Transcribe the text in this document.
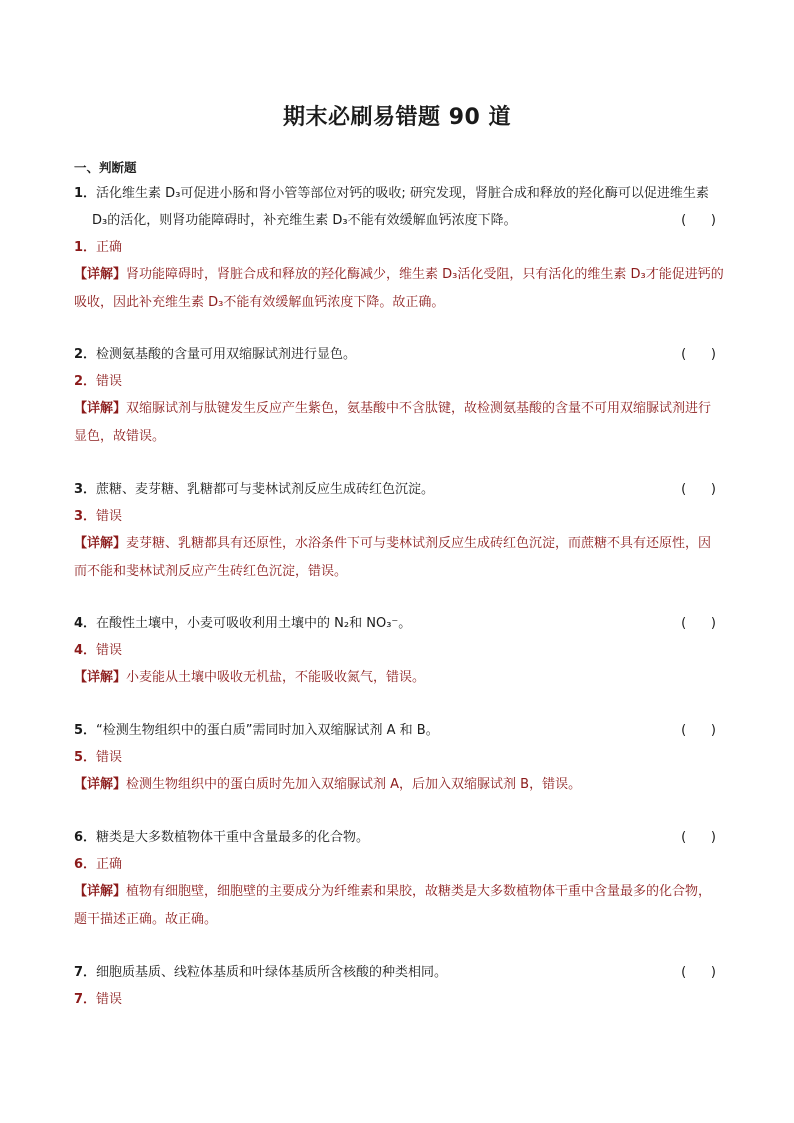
期末必刷易错题 90 道
一、判断题
1．活化维生素 D₃可促进小肠和肾小管等部位对钙的吸收; 研究发现，肾脏合成和释放的羟化酶可以促进维生素 D₃的活化，则肾功能障碍时，补充维生素 D₃不能有效缓解血钙浓度下降。	(      )
1．正确
【详解】肾功能障碍时，肾脏合成和释放的羟化酶减少，维生素 D₃活化受阻，只有活化的维生素 D₃才能促进钙的吸收，因此补充维生素 D₃不能有效缓解血钙浓度下降。故正确。
2．检测氨基酸的含量可用双缩脲试剂进行显色。	(      )
2．错误
【详解】双缩脲试剂与肽键发生反应产生紫色，氨基酸中不含肽键，故检测氨基酸的含量不可用双缩脲试剂进行显色，故错误。
3．蔗糖、麦芽糖、乳糖都可与斐林试剂反应生成砖红色沉淀。	(      )
3．错误
【详解】麦芽糖、乳糖都具有还原性，水浴条件下可与斐林试剂反应生成砖红色沉淀，而蔗糖不具有还原性，因而不能和斐林试剂反应产生砖红色沉淀，错误。
4．在酸性土壤中，小麦可吸收利用土壤中的 N₂和 NO₃⁻。	(      )
4．错误
【详解】小麦能从土壤中吸收无机盐，不能吸收氮气，错误。
5．“检测生物组织中的蛋白质”需同时加入双缩脲试剂 A 和 B。	(      )
5．错误
【详解】检测生物组织中的蛋白质时先加入双缩脲试剂 A，后加入双缩脲试剂 B，错误。
6．糖类是大多数植物体干重中含量最多的化合物。	(      )
6．正确
【详解】植物有细胞壁，细胞壁的主要成分为纤维素和果胶，故糖类是大多数植物体干重中含量最多的化合物，题干描述正确。故正确。
7．细胞质基质、线粒体基质和叶绿体基质所含核酸的种类相同。	(      )
7．错误
